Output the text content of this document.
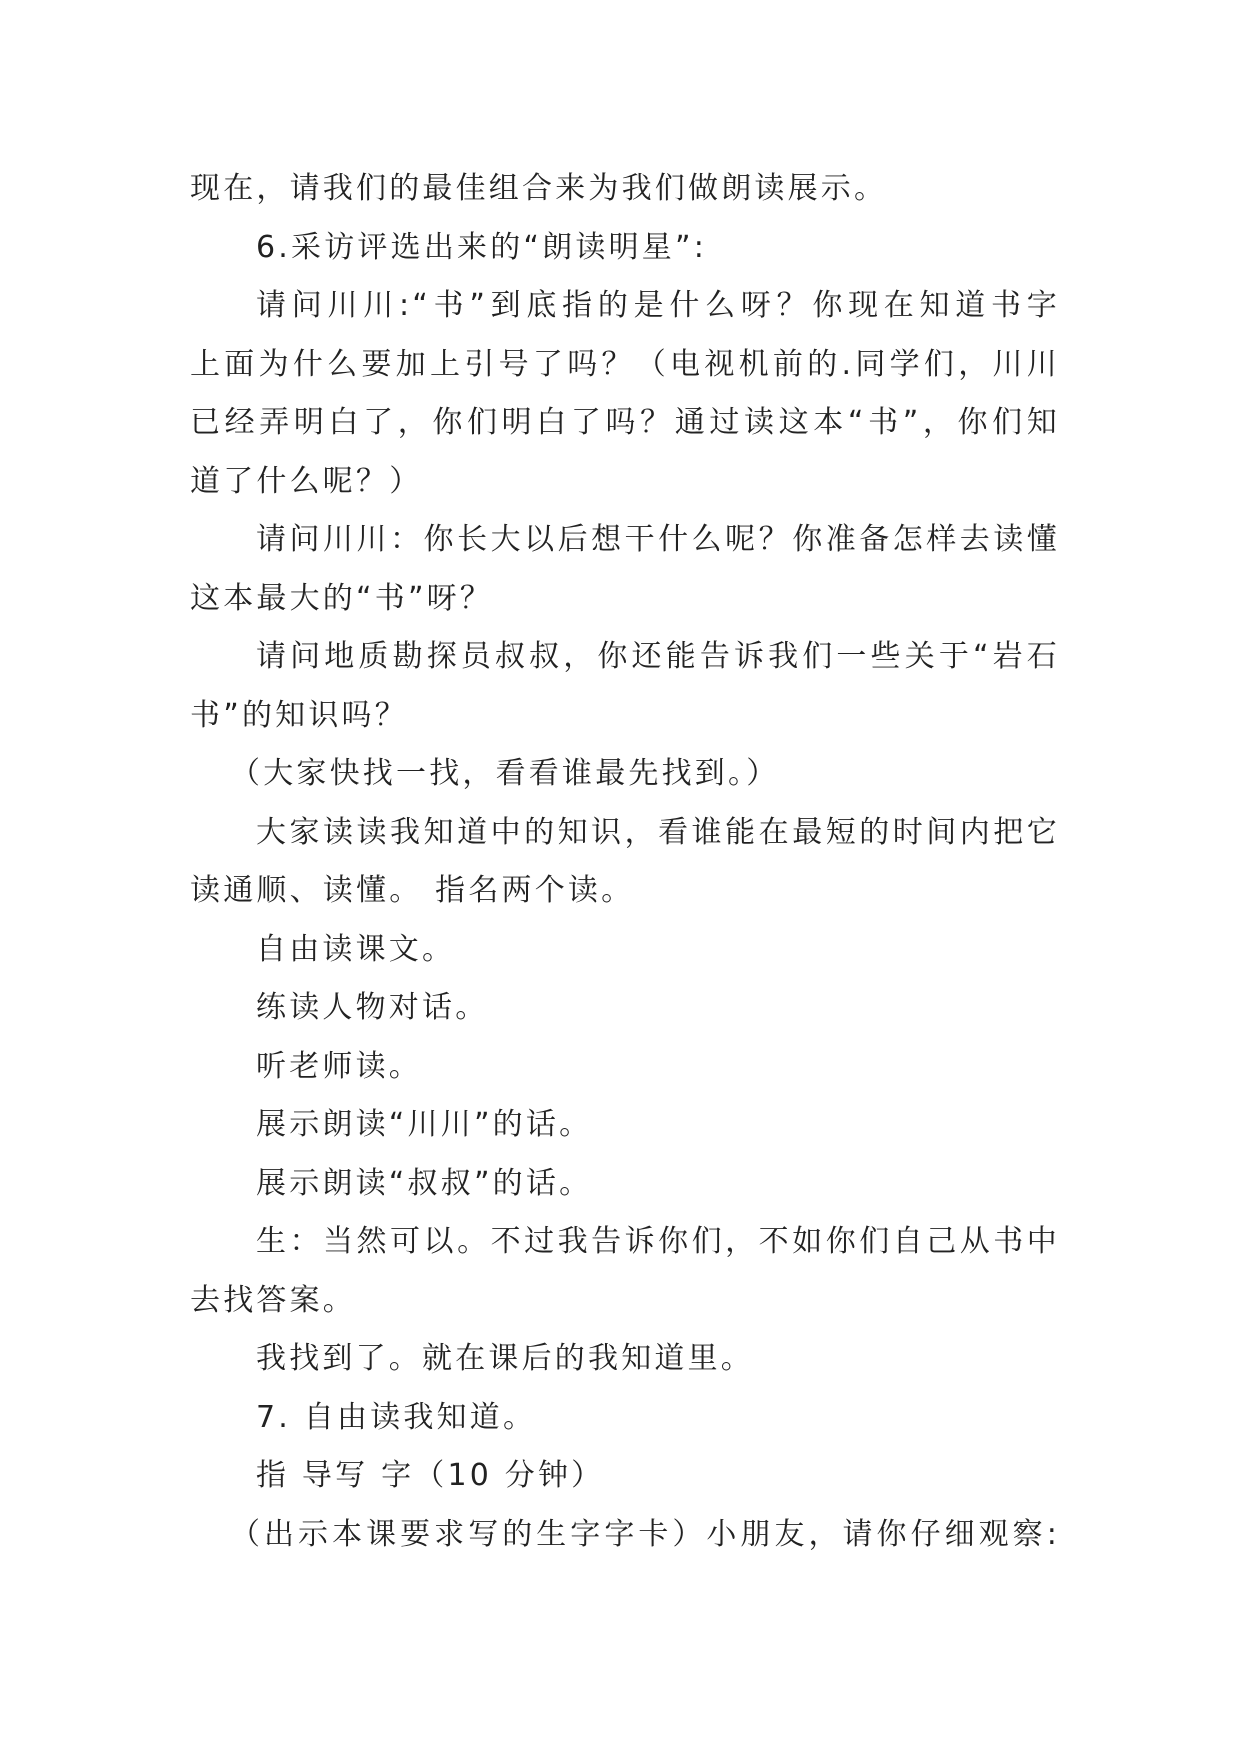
现在，请我们的最佳组合来为我们做朗读展示。
6.采访评选出来的“朗读明星”:
请问川川:“书”到底指的是什么呀？你现在知道书字
上面为什么要加上引号了吗？（电视机前的.同学们，川川
已经弄明白了，你们明白了吗？通过读这本“书”，你们知
道了什么呢？）
请问川川：你长大以后想干什么呢？你准备怎样去读懂
这本最大的“书”呀？
请问地质勘探员叔叔，你还能告诉我们一些关于“岩石
书”的知识吗？
（大家快找一找，看看谁最先找到。）
大家读读我知道中的知识，看谁能在最短的时间内把它
读通顺、读懂。 指名两个读。
自由读课文。
练读人物对话。
听老师读。
展示朗读“川川”的话。
展示朗读“叔叔”的话。
生：当然可以。不过我告诉你们，不如你们自己从书中
去找答案。
我找到了。就在课后的我知道里。
7. 自由读我知道。
指 导写 字（10 分钟）
（出示本课要求写的生字字卡）小朋友，请你仔细观察:
